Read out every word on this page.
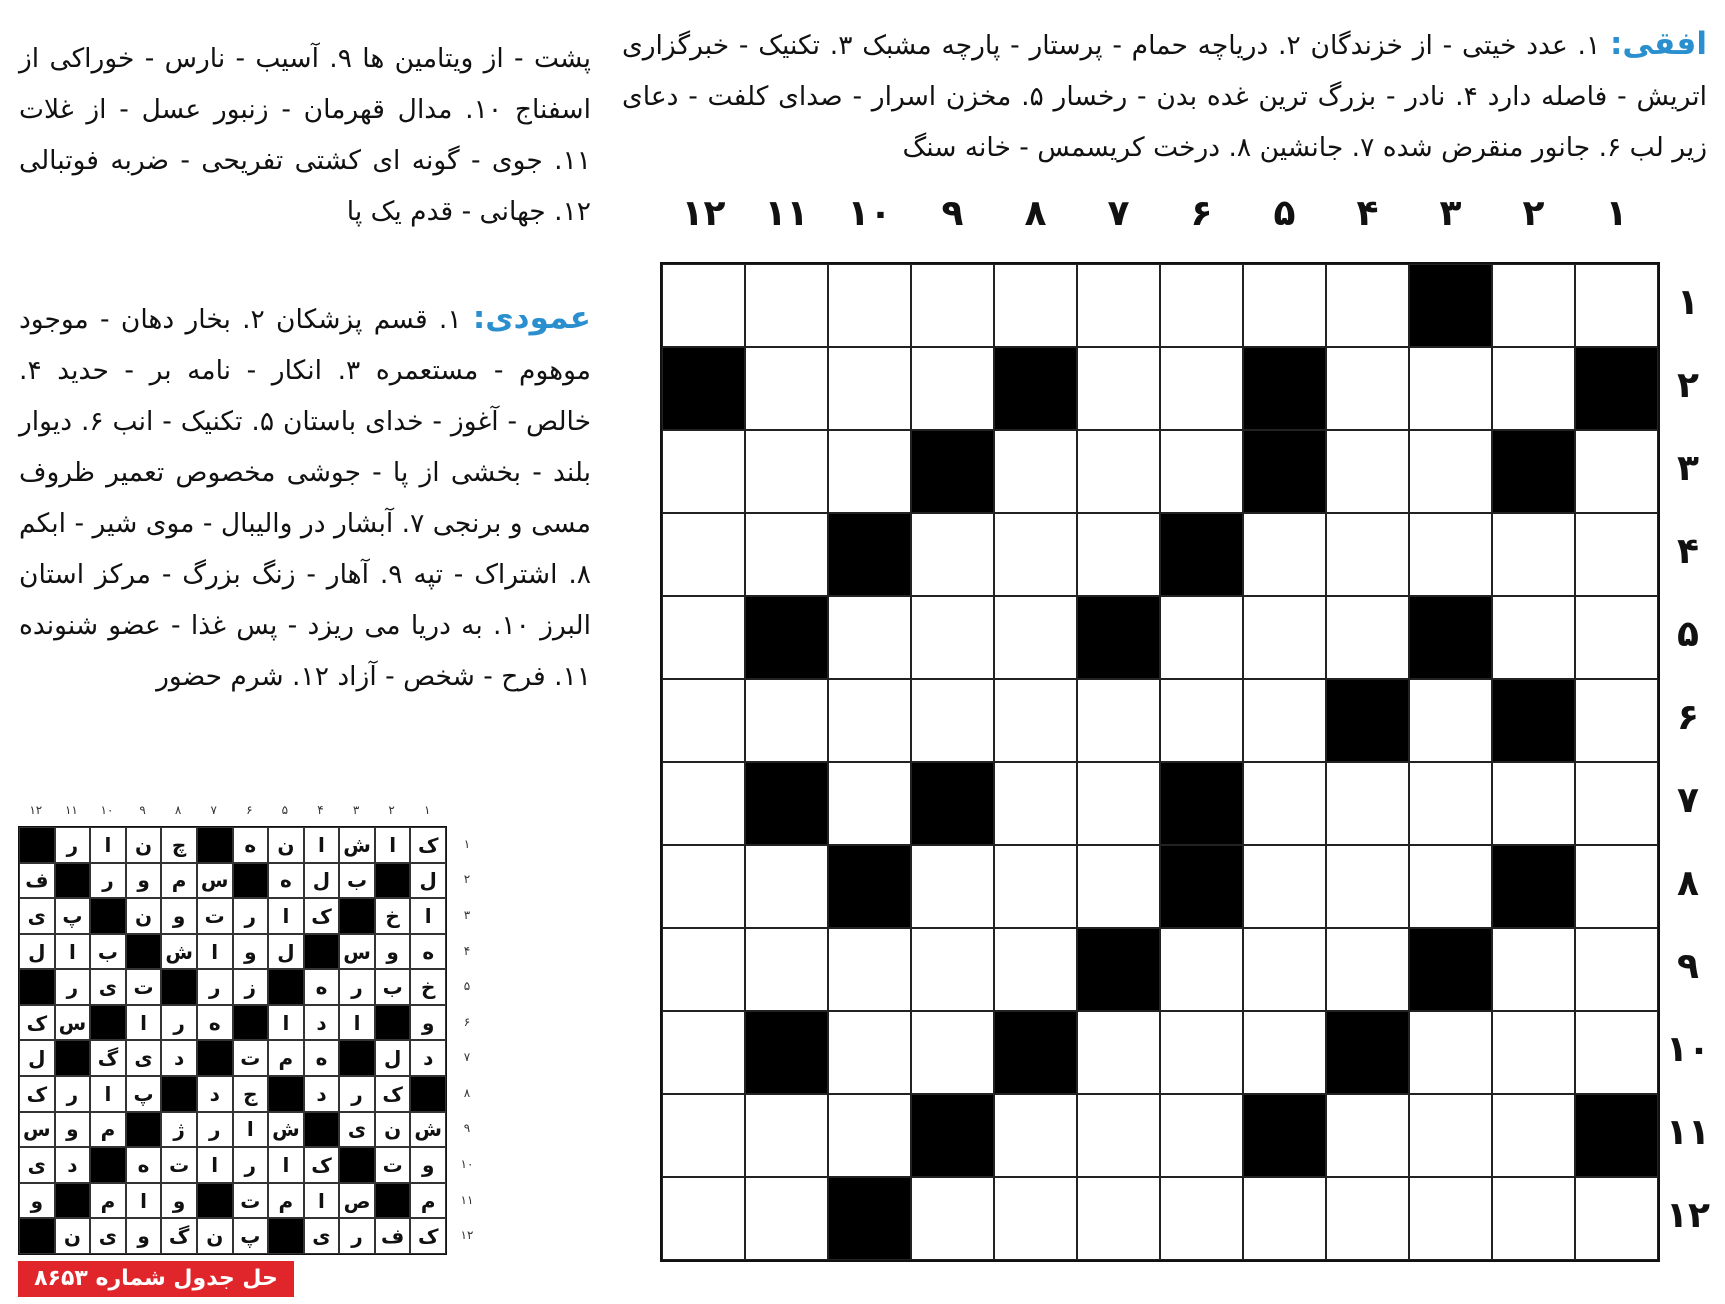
افقی: ۱. عدد خیتی - از خزندگان ۲. دریاچه حمام - پرستار - پارچه مشبک ۳. تکنیک - خبرگزاری اتریش - فاصله دارد ۴. نادر - بزرگ ترین غده بدن - رخسار ۵. مخزن اسرار - صدای کلفت - دعای زیر لب ۶. جانور منقرض شده ۷. جانشین ۸. درخت کریسمس - خانه سنگ
پشت - از ویتامین ها ۹. آسیب - نارس - خوراکی از اسفناج ۱۰. مدال قهرمان - زنبور عسل - از غلات ۱۱. جوی - گونه ای کشتی تفریحی - ضربه فوتبالی ۱۲. جهانی - قدم یک پا
عمودی: ۱. قسم پزشکان ۲. بخار دهان - موجود موهوم - مستعمره ۳. انکار - نامه بر - حدید ۴. خالص - آغوز - خدای باستان ۵. تکنیک - انب ۶. دیوار بلند - بخشی از پا - جوشی مخصوص تعمیر ظروف مسی و برنجی ۷. آبشار در والیبال - موی شیر - ابکم ۸. اشتراک - تپه ۹. آهار - زنگ بزرگ - مرکز استان البرز ۱۰. به دریا می ریزد - پس غذا - عضو شنونده ۱۱. فرح - شخص - آزاد ۱۲. شرم حضور
۱
۲
۳
۴
۵
۶
۷
۸
۹
۱۰
۱۱
۱۲
۱
۲
۳
۴
۵
۶
۷
۸
۹
۱۰
۱۱
۱۲
۱
۲
۳
۴
۵
۶
۷
۸
۹
۱۰
۱۱
۱۲
ک
ا
ش
ا
ن
ه
چ
ن
ا
ر
ل
ب
ل
ه
س
م
و
ر
ف
ا
خ
ک
ا
ر
ت
و
ن
پ
ی
ه
و
س
ل
و
ا
ش
ب
ا
ل
خ
ب
ر
ه
ز
ر
ت
ی
ر
و
ا
د
ا
ه
ر
ا
س
ک
د
ل
ه
م
ت
د
ی
گ
ل
ک
ر
د
ج
د
پ
ا
ر
ک
ش
ن
ی
ش
ا
ر
ژ
م
و
س
و
ت
ک
ا
ر
ا
ت
ه
د
ی
م
ص
ا
م
ت
و
ا
م
و
ک
ف
ر
ی
پ
ن
گ
و
ی
ن
۱
۲
۳
۴
۵
۶
۷
۸
۹
۱۰
۱۱
۱۲
حل جدول شماره ۸۶۵۳
